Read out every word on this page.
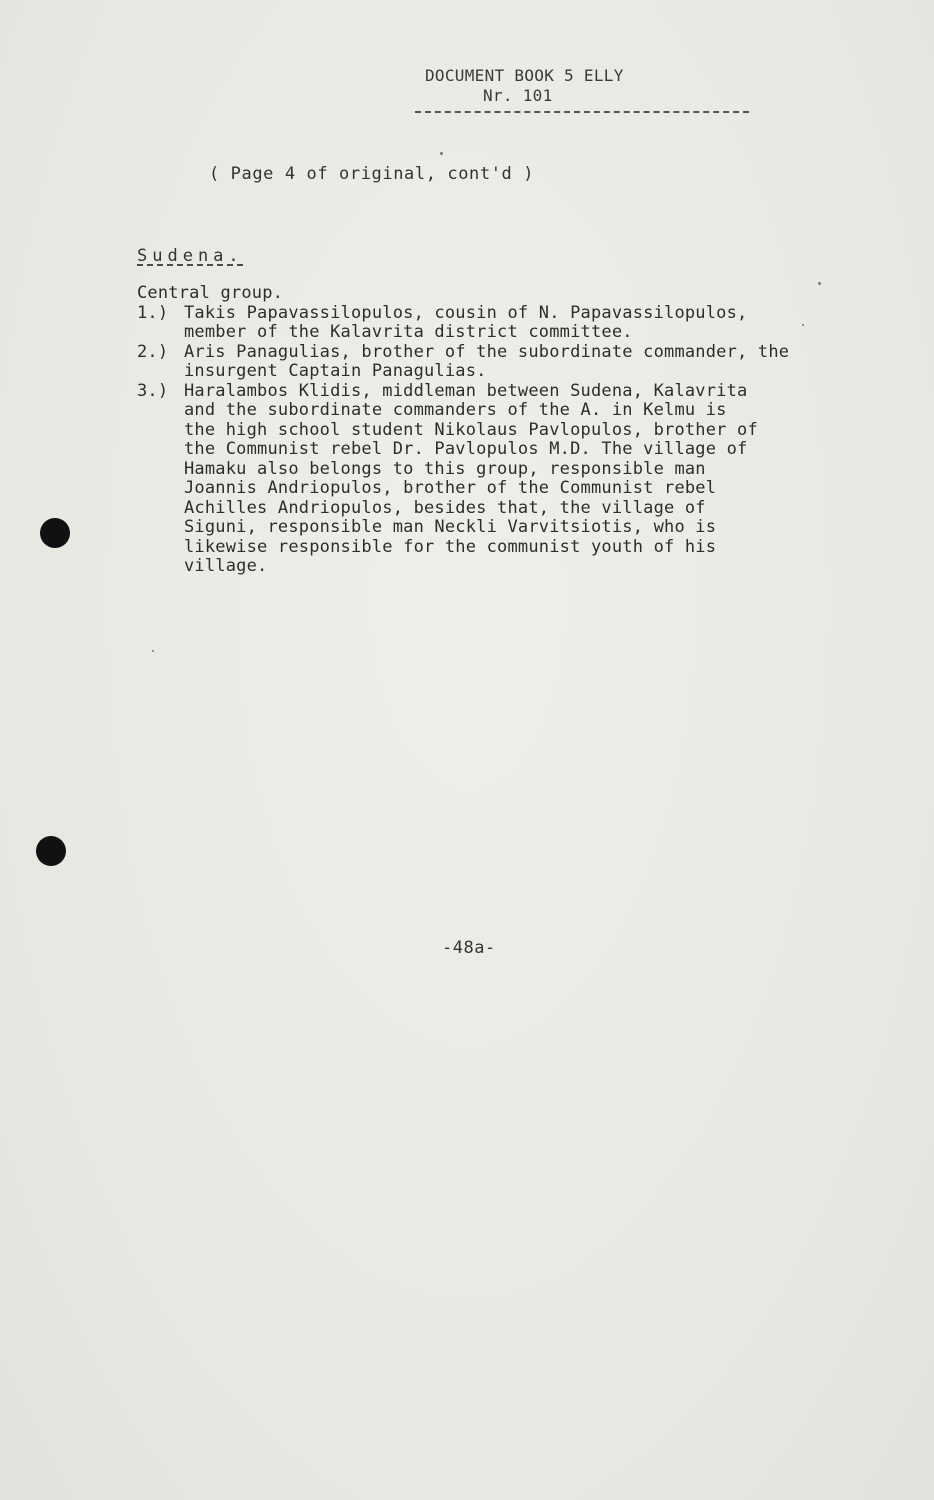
DOCUMENT BOOK 5 ELLY
Nr. 101
( Page 4 of original, cont'd )
Sudena.
Central group.
1.) Takis Papavassilopulos, cousin of N. Papavassilopulos,
member of the Kalavrita district committee.
2.) Aris Panagulias, brother of the subordinate commander, the
insurgent Captain Panagulias.
3.) Haralambos Klidis, middleman between Sudena, Kalavrita
and the subordinate commanders of the A. in Kelmu is
the high school student Nikolaus Pavlopulos, brother of
the Communist rebel Dr. Pavlopulos M.D. The village of
Hamaku also belongs to this group, responsible man
Joannis Andriopulos, brother of the Communist rebel
Achilles Andriopulos, besides that, the village of
Siguni, responsible man Neckli Varvitsiotis, who is
likewise responsible for the communist youth of his
village.
-48a-
